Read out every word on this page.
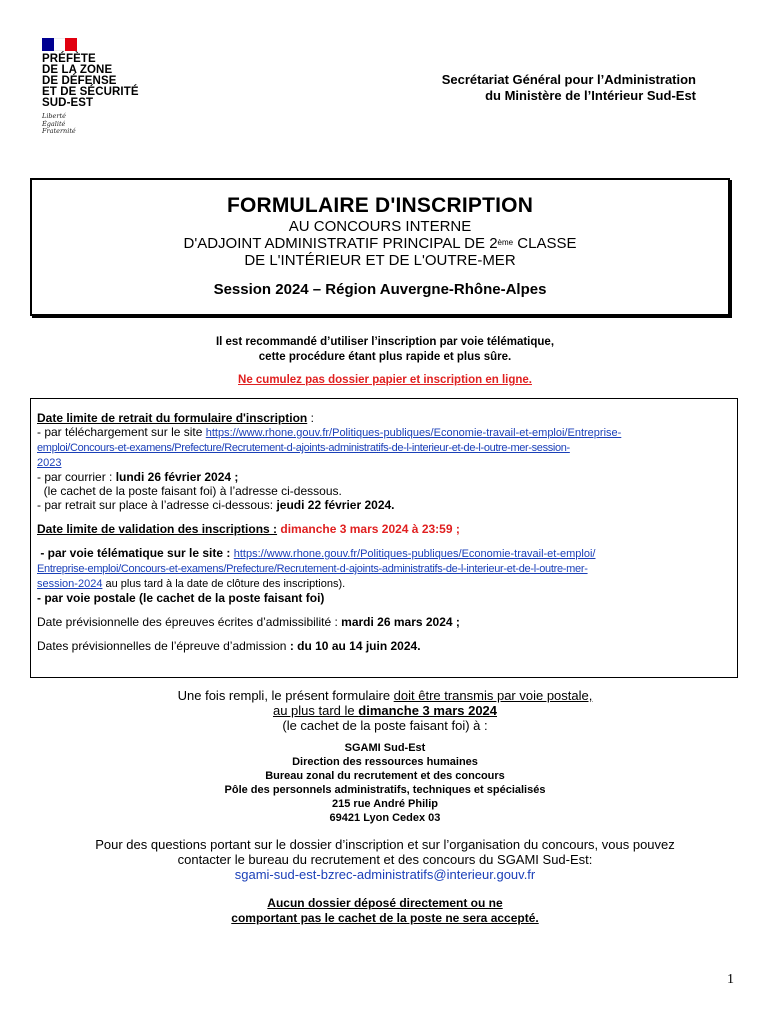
PRÉFÈTE
DE LA ZONE
DE DÉFENSE
ET DE SÉCURITÉ
SUD-EST
Liberté
Égalité
Fraternité
Secrétariat Général pour l’Administration
du Ministère de l’Intérieur Sud-Est
FORMULAIRE D'INSCRIPTION
AU CONCOURS INTERNE
D'ADJOINT ADMINISTRATIF PRINCIPAL DE 2ème CLASSE
DE L'INTÉRIEUR ET DE L'OUTRE-MER
Session 2024 – Région Auvergne-Rhône-Alpes
Il est recommandé d’utiliser l’inscription par voie télématique,
cette procédure étant plus rapide et plus sûre.
Ne cumulez pas dossier papier et inscription en ligne.

Date limite de retrait du formulaire d'inscription :

- par téléchargement sur le site https://www.rhone.gouv.fr/Politiques-publiques/Economie-travail-et-emploi/Entreprise-

emploi/Concours-et-examens/Prefecture/Recrutement-d-ajoints-administratifs-de-l-interieur-et-de-l-outre-mer-session-

2023

- par courrier : lundi 26 février 2024 ;

(le cachet de la poste faisant foi) à l’adresse ci-dessous.

- par retrait sur place à l’adresse ci-dessous: jeudi 22 février 2024.

Date limite de validation des inscriptions : dimanche 3 mars 2024 à 23:59 ;

- par voie télématique sur le site : https://www.rhone.gouv.fr/Politiques-publiques/Economie-travail-et-emploi/

Entreprise-emploi/Concours-et-examens/Prefecture/Recrutement-d-ajoints-administratifs-de-l-interieur-et-de-l-outre-mer-

session-2024 au plus tard à la date de clôture des inscriptions).

- par voie postale (le cachet de la poste faisant foi)

Date prévisionnelle des épreuves écrites d’admissibilité : mardi 26 mars 2024 ;

Dates prévisionnelles de l’épreuve d’admission : du 10 au 14 juin 2024.

Une fois rempli, le présent formulaire doit être transmis par voie postale,
au plus tard le dimanche 3 mars 2024
(le cachet de la poste faisant foi) à :
SGAMI Sud-Est
Direction des ressources humaines
Bureau zonal du recrutement et des concours
Pôle des personnels administratifs, techniques et spécialisés
215 rue André Philip
69421 Lyon Cedex 03
Pour des questions portant sur le dossier d’inscription et sur l’organisation du concours, vous pouvez
contacter le bureau du recrutement et des concours du SGAMI Sud-Est:
sgami-sud-est-bzrec-administratifs@interieur.gouv.fr
Aucun dossier déposé directement ou ne
comportant pas le cachet de la poste ne sera accepté.
1
